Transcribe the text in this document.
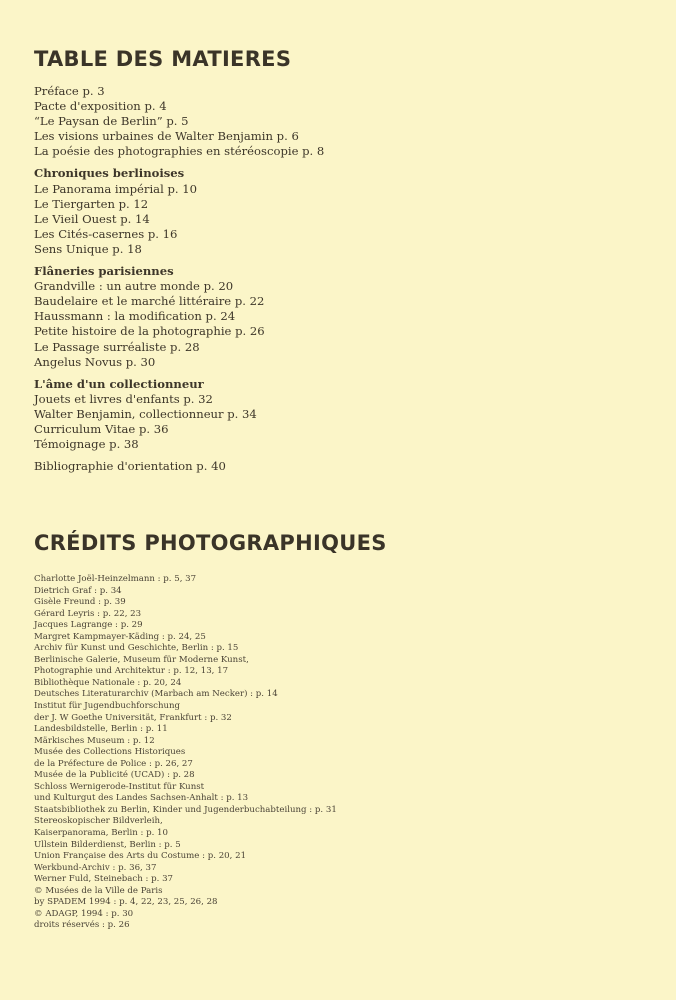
TABLE DES MATIERES
Préface p. 3
Pacte d'exposition p. 4
“Le Paysan de Berlin” p. 5
Les visions urbaines de Walter Benjamin p. 6
La poésie des photographies en stéréoscopie p. 8
Chroniques berlinoises
Le Panorama impérial p. 10
Le Tiergarten p. 12
Le Vieil Ouest p. 14
Les Cités-casernes p. 16
Sens Unique p. 18
Flâneries parisiennes
Grandville : un autre monde p. 20
Baudelaire et le marché littéraire p. 22
Haussmann : la modification p. 24
Petite histoire de la photographie p. 26
Le Passage surréaliste p. 28
Angelus Novus p. 30
L'âme d'un collectionneur
Jouets et livres d'enfants p. 32
Walter Benjamin, collectionneur p. 34
Curriculum Vitae p. 36
Témoignage p. 38
Bibliographie d'orientation p. 40
CRÉDITS PHOTOGRAPHIQUES
Charlotte Joël-Heinzelmann : p. 5, 37
Dietrich Graf : p. 34
Gisèle Freund : p. 39
Gérard Leyris : p. 22, 23
Jacques Lagrange : p. 29
Margret Kampmayer-Käding : p. 24, 25
Archiv für Kunst und Geschichte, Berlin : p. 15
Berlinische Galerie, Museum für Moderne Kunst,
Photographie und Architektur : p. 12, 13, 17
Bibliothèque Nationale : p. 20, 24
Deutsches Literaturarchiv (Marbach am Necker) : p. 14
Institut für Jugendbuchforschung
der J. W Goethe Universität, Frankfurt : p. 32
Landesbildstelle, Berlin : p. 11
Märkisches Museum : p. 12
Musée des Collections Historiques
de la Préfecture de Police : p. 26, 27
Musée de la Publicité (UCAD) : p. 28
Schloss Wernigerode-Institut für Kunst
und Kulturgut des Landes Sachsen-Anhalt : p. 13
Staatsbibliothek zu Berlin, Kinder und Jugenderbuchabteilung : p. 31
Stereoskopischer Bildverleih,
Kaiserpanorama, Berlin : p. 10
Ullstein Bilderdienst, Berlin : p. 5
Union Française des Arts du Costume : p. 20, 21
Werkbund-Archiv : p. 36, 37
Werner Fuld, Steinebach : p. 37
© Musées de la Ville de Paris
by SPADEM 1994 : p. 4, 22, 23, 25, 26, 28
© ADAGP, 1994 : p. 30
droits réservés : p. 26
